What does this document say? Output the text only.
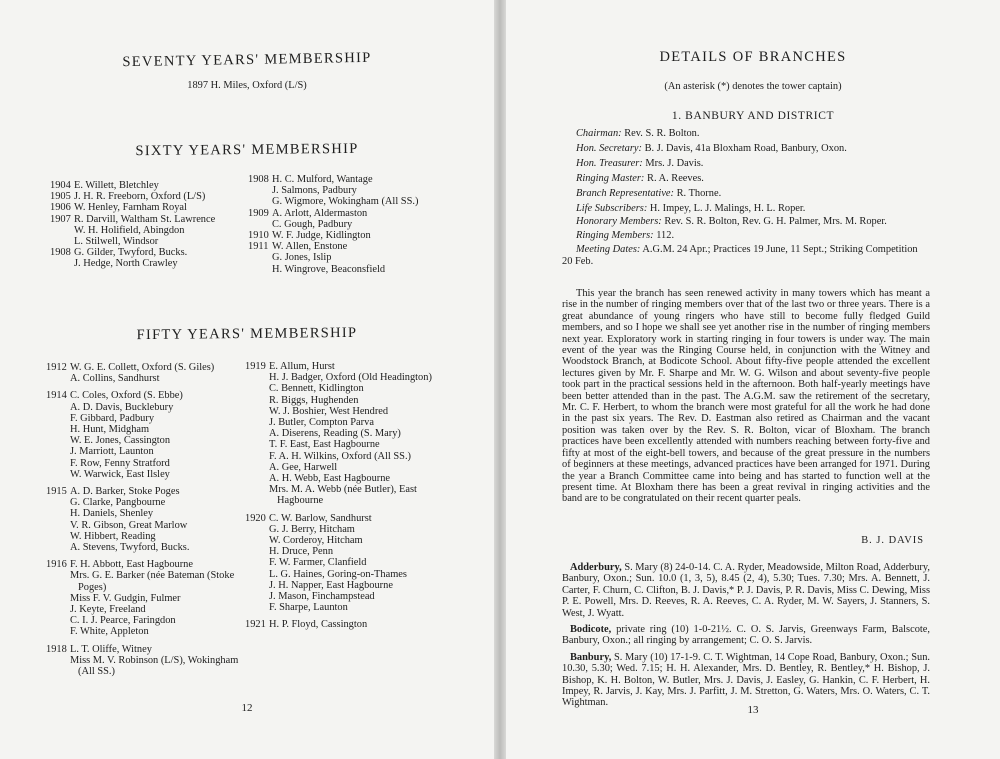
SEVENTY YEARS' MEMBERSHIP
1897 H. Miles, Oxford (L/S)
SIXTY YEARS' MEMBERSHIP
1904 E. Willett, Bletchley
1905 J. H. R. Freeborn, Oxford (L/S)
1906 W. Henley, Farnham Royal
1907 R. Darvill, Waltham St. Lawrence
W. H. Holifield, Abingdon
L. Stilwell, Windsor
1908 G. Gilder, Twyford, Bucks.
J. Hedge, North Crawley
1908 H. C. Mulford, Wantage
J. Salmons, Padbury
G. Wigmore, Wokingham (All SS.)
1909 A. Arlott, Aldermaston
C. Gough, Padbury
1910 W. F. Judge, Kidlington
1911 W. Allen, Enstone
G. Jones, Islip
H. Wingrove, Beaconsfield
FIFTY YEARS' MEMBERSHIP
1912 W. G. E. Collett, Oxford (S. Giles)
A. Collins, Sandhurst
1914 C. Coles, Oxford (S. Ebbe)
A. D. Davis, Bucklebury
F. Gibbard, Padbury
H. Hunt, Midgham
W. E. Jones, Cassington
J. Marriott, Launton
F. Row, Fenny Stratford
W. Warwick, East Ilsley
1915 A. D. Barker, Stoke Poges
G. Clarke, Pangbourne
H. Daniels, Shenley
V. R. Gibson, Great Marlow
W. Hibbert, Reading
A. Stevens, Twyford, Bucks.
1916 F. H. Abbott, East Hagbourne
Mrs. G. E. Barker (née Bateman (Stoke Poges)
Miss F. V. Gudgin, Fulmer
J. Keyte, Freeland
C. I. J. Pearce, Faringdon
F. White, Appleton
1918 L. T. Oliffe, Witney
Miss M. V. Robinson (L/S), Wokingham (All SS.)
1919 E. Allum, Hurst
H. J. Badger, Oxford (Old Headington)
C. Bennett, Kidlington
R. Biggs, Hughenden
W. J. Boshier, West Hendred
J. Butler, Compton Parva
A. Diserens, Reading (S. Mary)
T. F. East, East Hagbourne
F. A. H. Wilkins, Oxford (All SS.)
A. Gee, Harwell
A. H. Webb, East Hagbourne
Mrs. M. A. Webb (née Butler), East Hagbourne
1920 C. W. Barlow, Sandhurst
G. J. Berry, Hitcham
W. Corderoy, Hitcham
H. Druce, Penn
F. W. Farmer, Clanfield
L. G. Haines, Goring-on-Thames
J. H. Napper, East Hagbourne
J. Mason, Finchampstead
F. Sharpe, Launton
1921 H. P. Floyd, Cassington
12
DETAILS OF BRANCHES
(An asterisk (*) denotes the tower captain)
1. BANBURY AND DISTRICT
Chairman: Rev. S. R. Bolton.
Hon. Secretary: B. J. Davis, 41a Bloxham Road, Banbury, Oxon.
Hon. Treasurer: Mrs. J. Davis.
Ringing Master: R. A. Reeves.
Branch Representative: R. Thorne.
Life Subscribers: H. Impey, L. J. Malings, H. L. Roper.
Honorary Members: Rev. S. R. Bolton, Rev. G. H. Palmer, Mrs. M. Roper.
Ringing Members: 112.
Meeting Dates: A.G.M. 24 Apr.; Practices 19 June, 11 Sept.; Striking Competition 20 Feb.
This year the branch has seen renewed activity in many towers which has meant a rise in the number of ringing members over that of the last two or three years. There is a great abundance of young ringers who have still to become fully fledged Guild members, and so I hope we shall see yet another rise in the number of ringing members next year. Exploratory work in starting ringing in four towers is under way. The main event of the year was the Ringing Course held, in conjunction with the Witney and Woodstock Branch, at Bodicote School. About fifty-five people attended the excellent lectures given by Mr. F. Sharpe and Mr. W. G. Wilson and about seventy-five people took part in the practical sessions held in the afternoon. Both half-yearly meetings have been better attended than in the past. The A.G.M. saw the retirement of the secretary, Mr. C. F. Herbert, to whom the branch were most grateful for all the work he had done in the past six years. The Rev. D. Eastman also retired as Chairman and the vacant position was taken over by the Rev. S. R. Bolton, vicar of Bloxham. The branch practices have been excellently attended with numbers reaching between forty-five and fifty at most of the eight-bell towers, and because of the great pressure in the numbers of beginners at these meetings, advanced practices have been arranged for 1971. During the year a Branch Committee came into being and has started to function well at the present time. At Bloxham there has been a great revival in ringing activities and the band are to be congratulated on their recent quarter peals.
B. J. DAVIS
Adderbury, S. Mary (8) 24-0-14. C. A. Ryder, Meadowside, Milton Road, Adderbury, Banbury, Oxon.; Sun. 10.0 (1, 3, 5), 8.45 (2, 4), 5.30; Tues. 7.30; Mrs. A. Bennett, J. Carter, F. Churn, C. Clifton, B. J. Davis,* P. J. Davis, P. R. Davis, Miss C. Dewing, Miss P. E. Powell, Mrs. D. Reeves, R. A. Reeves, C. A. Ryder, M. W. Sayers, J. Stanners, S. West, J. Wyatt.
Bodicote, private ring (10) 1-0-21½. C. O. S. Jarvis, Greenways Farm, Balscote, Banbury, Oxon.; all ringing by arrangement; C. O. S. Jarvis.
Banbury, S. Mary (10) 17-1-9. C. T. Wightman, 14 Cope Road, Banbury, Oxon.; Sun. 10.30, 5.30; Wed. 7.15; H. H. Alexander, Mrs. D. Bentley, R. Bentley,* H. Bishop, J. Bishop, K. H. Bolton, W. Butler, Mrs. J. Davis, J. Easley, G. Hankin, C. F. Herbert, H. Impey, R. Jarvis, J. Kay, Mrs. J. Parfitt, J. M. Stretton, G. Waters, Mrs. O. Waters, C. T. Wightman.
13
